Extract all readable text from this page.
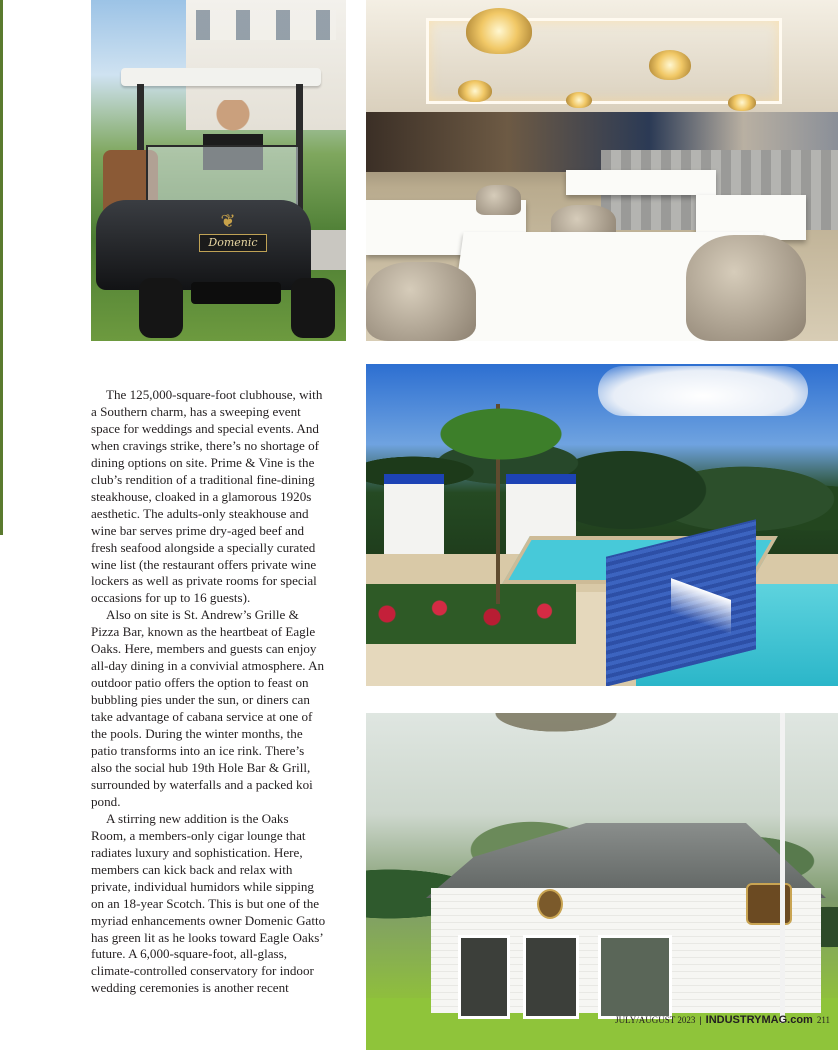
❦
Domenic

The 125,000-square-foot clubhouse, with a Southern charm, has a sweeping event space for weddings and special events. And when cravings strike, there’s no shortage of dining options on site. Prime & Vine is the club’s rendition of a traditional fine-dining steakhouse, cloaked in a glamorous 1920s aesthetic. The adults-only steakhouse and wine bar serves prime dry-aged beef and fresh seafood alongside a specially curated wine list (the restaurant offers private wine lockers as well as private rooms for special occasions for up to 16 guests).

Also on site is St. Andrew’s Grille & Pizza Bar, known as the heartbeat of Eagle Oaks. Here, members and guests can enjoy all-day dining in a convivial atmosphere. An outdoor patio offers the option to feast on bubbling pies under the sun, or diners can take advantage of cabana service at one of the pools. During the winter months, the patio transforms into an ice rink. There’s also the social hub 19th Hole Bar & Grill, surrounded by waterfalls and a packed koi pond.

A stirring new addition is the Oaks Room, a members-only cigar lounge that radiates luxury and sophistication. Here, members can kick back and relax with private, individual humidors while sipping on an 18-year Scotch. This is but one of the myriad enhancements owner Domenic Gatto has green lit as he looks toward Eagle Oaks’ future. A 6,000-square-foot, all-glass, climate-controlled conservatory for indoor wedding ceremonies is another recent

JULY/AUGUST 2023 | INDUSTRYMAG.com 211
